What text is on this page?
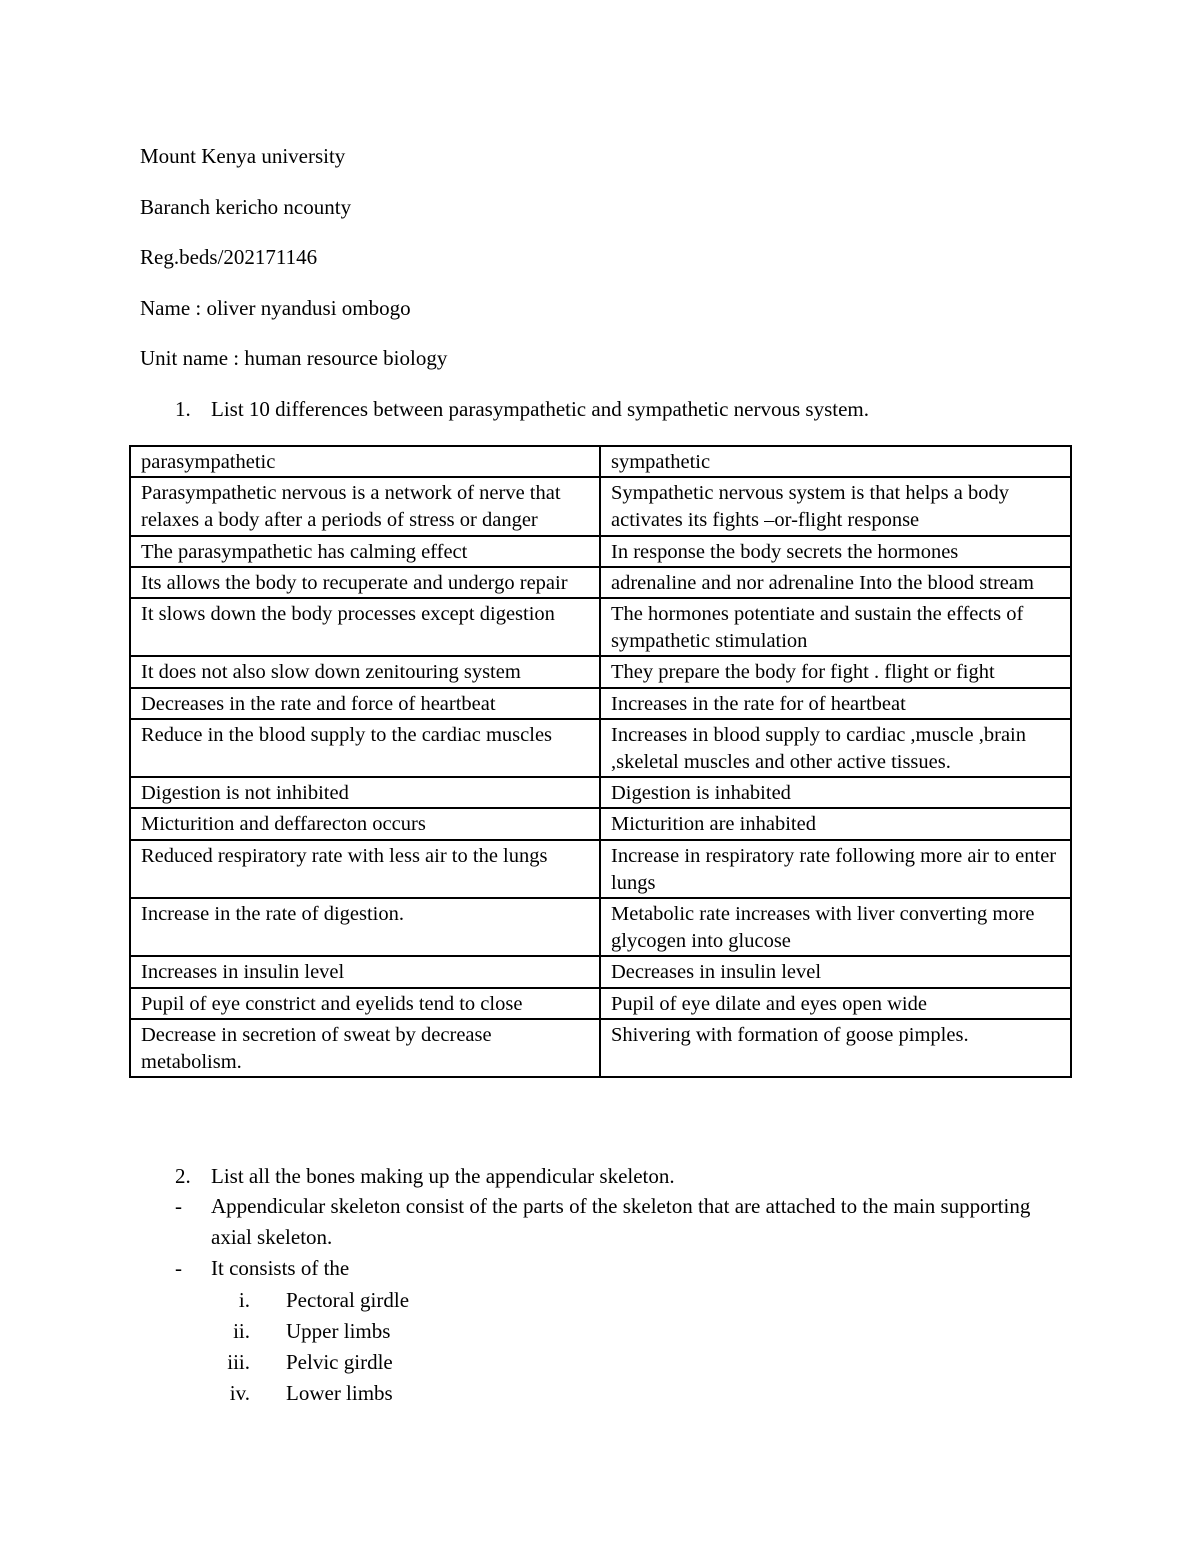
Mount Kenya university
Baranch kericho ncounty
Reg.beds/202171146
Name : oliver nyandusi ombogo
Unit name : human resource biology
1. List 10 differences between parasympathetic and sympathetic nervous system.
parasympathetic	sympathetic
Parasympathetic nervous is a network of nerve that relaxes a body after a periods of stress or danger	Sympathetic nervous system is that helps a body activates its fights –or-flight response
The parasympathetic has calming effect	In response the body secrets the hormones
Its allows the body to recuperate and undergo repair	adrenaline and nor adrenaline Into the blood stream
It slows down the body processes except digestion	The hormones potentiate and sustain the effects of sympathetic stimulation
It does not also slow down zenitouring system	They prepare the body for fight . flight or fight
Decreases in the rate and force of heartbeat	Increases in the rate for of heartbeat
Reduce in the blood supply to the cardiac muscles	Increases in blood supply to cardiac ,muscle ,brain ,skeletal muscles and other active tissues.
Digestion is not inhibited	Digestion is inhabited
Micturition and deffarecton occurs	Micturition are inhabited
Reduced respiratory rate with less air to the lungs	Increase in respiratory rate following more air to enter lungs
Increase in the rate of digestion.	Metabolic rate increases with liver converting more glycogen into glucose
Increases in insulin level	Decreases in insulin level
Pupil of eye constrict and eyelids tend to close	Pupil of eye dilate and eyes open wide
Decrease in secretion of sweat by decrease metabolism.	Shivering with formation of goose pimples.
2. List all the bones making up the appendicular skeleton.
- Appendicular skeleton consist of the parts of the skeleton that are attached to the main supporting axial skeleton.
- It consists of the
i. Pectoral girdle
ii. Upper limbs
iii. Pelvic girdle
iv. Lower limbs
